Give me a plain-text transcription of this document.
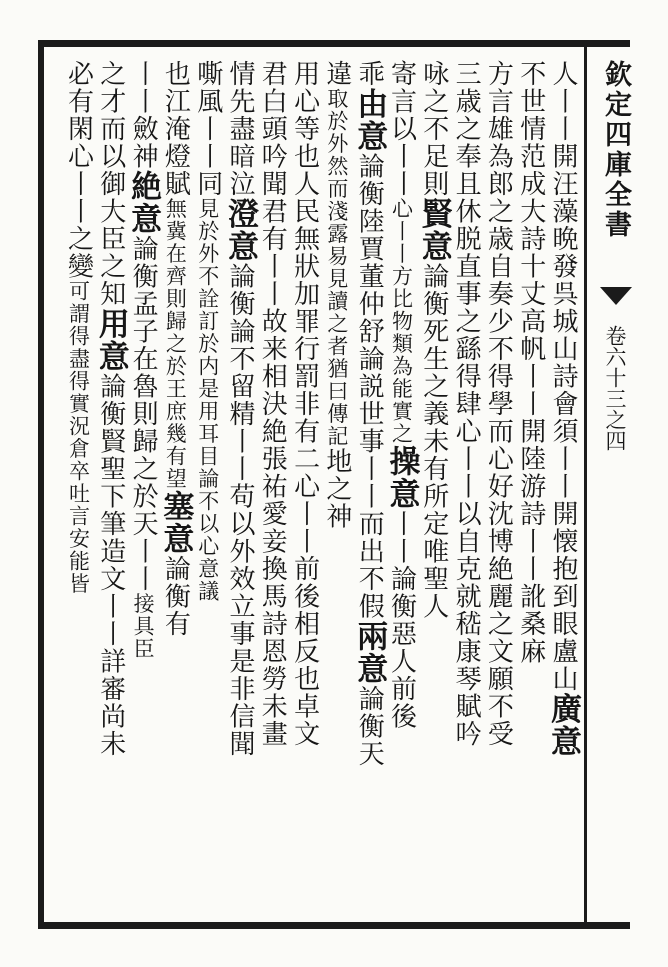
欽定四庫全書
卷六十三之四
人丨丨開汪藻晩發呉城山詩會須丨丨開懐抱到眼盧山廣意
不世情范成大詩十丈高帆丨丨開陸游詩丨丨訛桑麻
方言雄為郎之歳自奏少不得學而心好沈博絶麗之文願不受
三歳之奉且休脱直事之繇得肆心丨丨以自克就嵇康琴賦吟
咏之不足則賢意論衡死生之義未有所定唯聖人
寄言以丨丨心丨丨方比物類為能實之操意丨丨論衡惡人前後
乖由意論衡陸賈董仲舒論説世事丨丨而出不假兩意論衡天
違取於外然而淺露易見讀之者猶曰傳記地之神
用心等也人民無狀加罪行罰非有二心丨丨前後相反也卓文
君白頭吟聞君有丨丨故来相決絶張祐愛妾換馬詩恩勞未畫
情先盡暗泣澄意論衡論不留精丨丨苟以外效立事是非信聞
嘶風丨丨同見於外不詮訂於内是用耳目論不以心意議
也江淹燈賦無冀在齊則歸之於王庶幾有望塞意論衡有
丨丨斂神絶意論衡孟子在魯則歸之於天丨丨接具臣
之才而以御大臣之知用意論衡賢聖下筆造文丨丨詳審尚未
必有閑心丨丨之變可謂得盡得實況倉卒吐言安能皆
